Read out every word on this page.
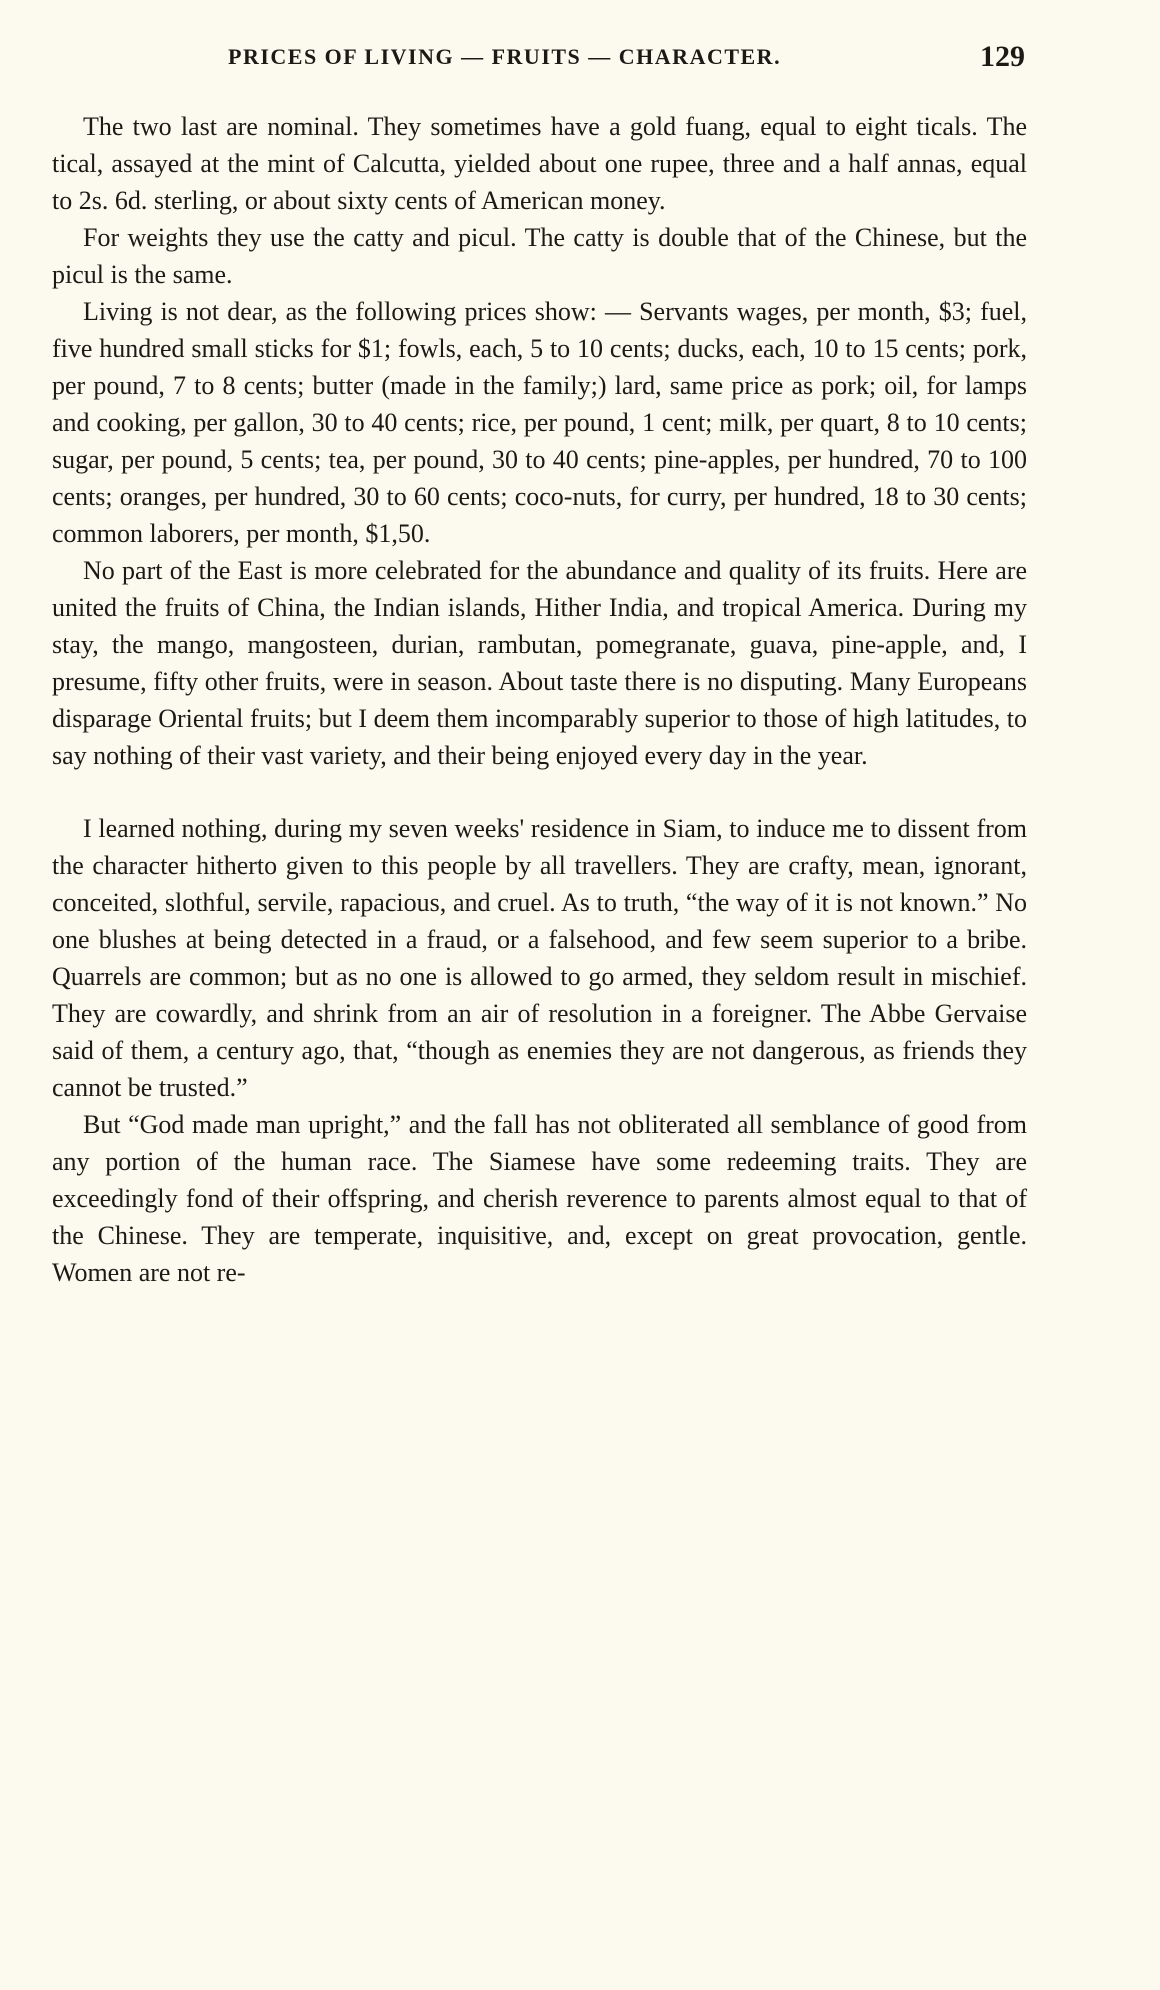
PRICES OF LIVING — FRUITS — CHARACTER.	129

The two last are nominal. They sometimes have a gold fuang, equal to eight ticals. The tical, assayed at the mint of Calcutta, yielded about one rupee, three and a half annas, equal to 2s. 6d. sterling, or about sixty cents of American money.

For weights they use the catty and picul. The catty is double that of the Chinese, but the picul is the same.

Living is not dear, as the following prices show: — Servants wages, per month, $3; fuel, five hundred small sticks for $1; fowls, each, 5 to 10 cents; ducks, each, 10 to 15 cents; pork, per pound, 7 to 8 cents; butter (made in the family;) lard, same price as pork; oil, for lamps and cooking, per gallon, 30 to 40 cents; rice, per pound, 1 cent; milk, per quart, 8 to 10 cents; sugar, per pound, 5 cents; tea, per pound, 30 to 40 cents; pine-apples, per hundred, 70 to 100 cents; oranges, per hundred, 30 to 60 cents; coco-nuts, for curry, per hundred, 18 to 30 cents; common laborers, per month, $1,50.

No part of the East is more celebrated for the abundance and quality of its fruits. Here are united the fruits of China, the Indian islands, Hither India, and tropical America. During my stay, the mango, mangosteen, durian, rambutan, pomegranate, guava, pine-apple, and, I presume, fifty other fruits, were in season. About taste there is no disputing. Many Europeans disparage Oriental fruits; but I deem them incomparably superior to those of high latitudes, to say nothing of their vast variety, and their being enjoyed every day in the year.

I learned nothing, during my seven weeks' residence in Siam, to induce me to dissent from the character hitherto given to this people by all travellers. They are crafty, mean, ignorant, conceited, slothful, servile, rapacious, and cruel. As to truth, “the way of it is not known.” No one blushes at being detected in a fraud, or a falsehood, and few seem superior to a bribe. Quarrels are common; but as no one is allowed to go armed, they seldom result in mischief. They are cowardly, and shrink from an air of resolution in a foreigner. The Abbe Gervaise said of them, a century ago, that, “though as enemies they are not dangerous, as friends they cannot be trusted.”

But “God made man upright,” and the fall has not obliterated all semblance of good from any portion of the human race. The Siamese have some redeeming traits. They are exceedingly fond of their offspring, and cherish reverence to parents almost equal to that of the Chinese. They are temperate, inquisitive, and, except on great provocation, gentle. Women are not re-
